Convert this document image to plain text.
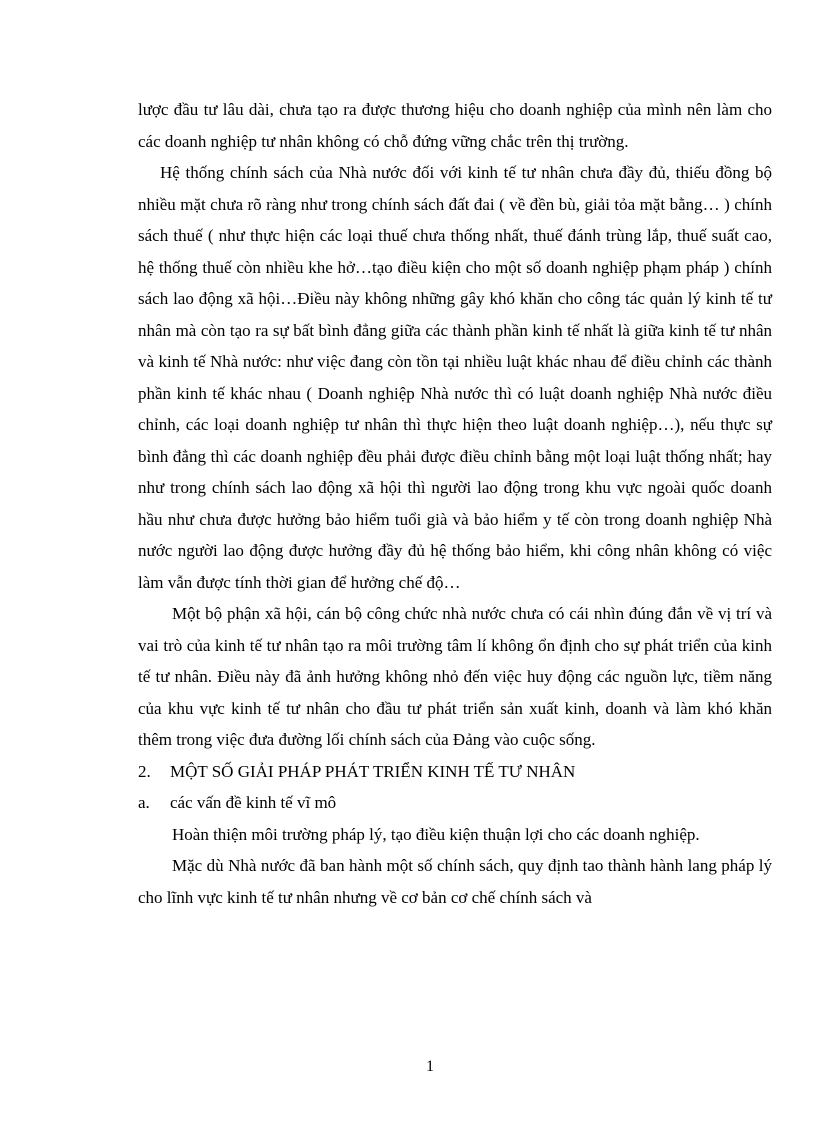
lược đầu tư lâu dài, chưa tạo ra được thương hiệu cho doanh nghiệp của mình nên làm cho các doanh nghiệp tư nhân không có chỗ đứng vững chắc trên thị trường.

Hệ thống chính sách của Nhà nước đối với kinh tế tư nhân chưa đầy đủ, thiếu đồng bộ nhiều mặt chưa rõ ràng như trong chính sách đất đai ( về đền bù, giải tỏa mặt bằng… ) chính sách thuế ( như thực hiện các loại thuế chưa thống nhất, thuế đánh trùng lắp, thuế suất cao, hệ thống thuế còn nhiều khe hở…tạo điều kiện cho một số doanh nghiệp phạm pháp ) chính sách lao động xã hội…Điều này không những gây khó khăn cho công tác quản lý kinh tế tư nhân mà còn tạo ra sự bất bình đẳng giữa các thành phần kinh tế nhất là giữa kinh tế tư nhân và kinh tế Nhà nước: như việc đang còn tồn tại nhiều luật khác nhau để điều chỉnh các thành phần kinh tế khác nhau ( Doanh nghiệp Nhà nước thì có luật doanh nghiệp Nhà nước điều chỉnh, các loại doanh nghiệp tư nhân thì thực hiện theo luật doanh nghiệp…), nếu thực sự bình đẳng thì các doanh nghiệp đều phải được điều chỉnh bằng một loại luật thống nhất; hay như trong chính sách lao động xã hội thì người lao động trong khu vực ngoài quốc doanh hầu như chưa được hưởng bảo hiểm tuổi già và bảo hiểm y tế còn trong doanh nghiệp Nhà nước người lao động được hưởng đầy đủ hệ thống bảo hiểm, khi công nhân không có việc làm vẫn được tính thời gian để hưởng chế độ…

Một bộ phận xã hội, cán bộ công chức nhà nước chưa có cái nhìn đúng đắn về vị trí và vai trò của kinh tế tư nhân tạo ra môi trường tâm lí không ổn định cho sự phát triển của kinh tế tư nhân. Điều này đã ảnh hưởng không nhỏ đến việc huy động các nguồn lực, tiềm năng của khu vực kinh tế tư nhân cho đầu tư phát triển sản xuất kinh, doanh và làm khó khăn thêm trong việc đưa đường lối chính sách của Đảng vào cuộc sống.

2.	MỘT SỐ GIẢI PHÁP PHÁT TRIỂN KINH TẾ TƯ NHÂN
a.	các vấn đề kinh tế vĩ mô

Hoàn thiện môi trường pháp lý, tạo điều kiện thuận lợi cho các doanh nghiệp.

Mặc dù Nhà nước đã ban hành một số chính sách, quy định tao thành hành lang pháp lý cho lĩnh vực kinh tế tư nhân nhưng về cơ bản cơ chế chính sách và

1
